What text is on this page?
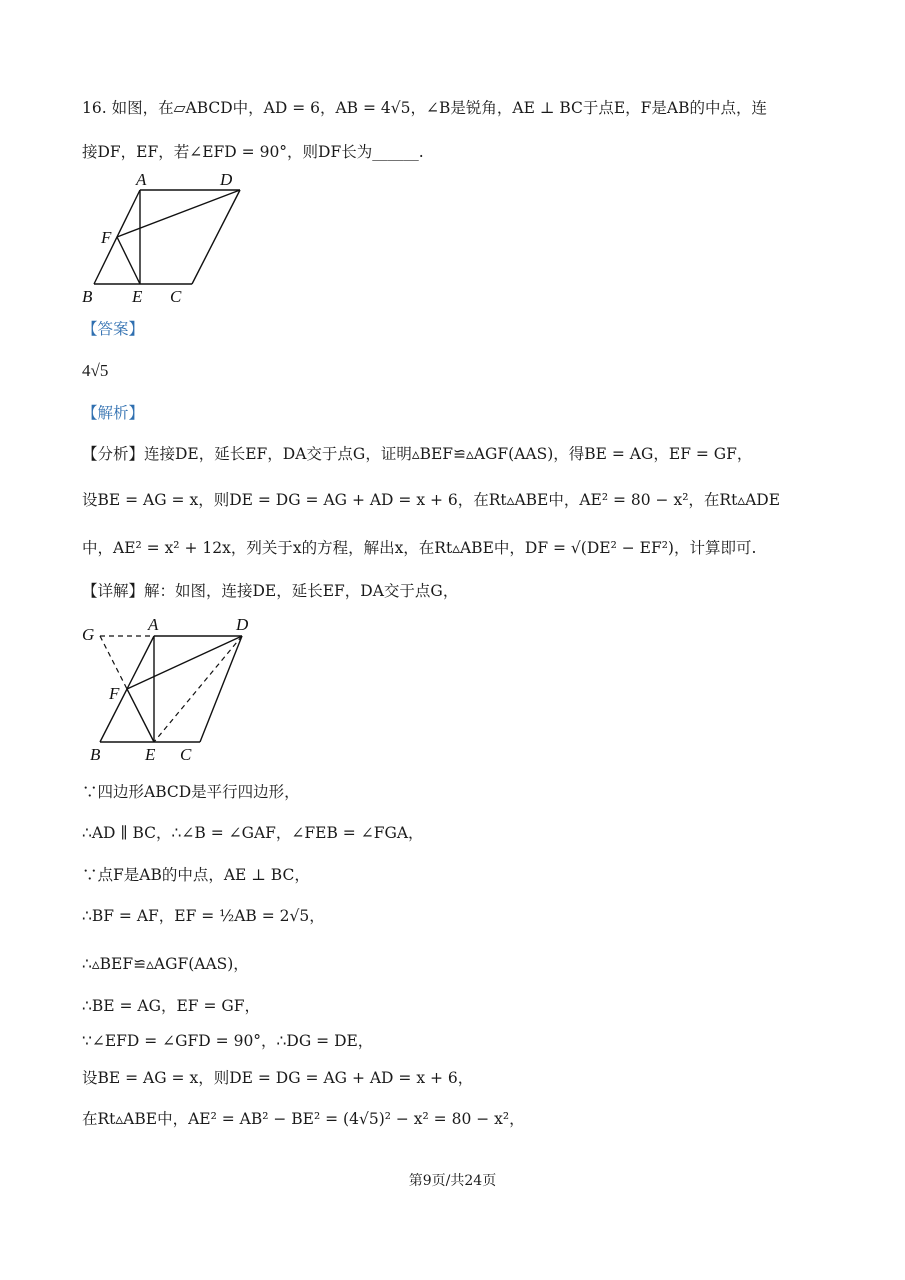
16. 如图，在▱ABCD中，AD = 6，AB = 4√5，∠B是锐角，AE ⊥ BC于点E，F是AB的中点，连
接DF，EF，若∠EFD = 90°，则DF长为______.
A	D
F
B E C
【答案】
4√5
【解析】
【分析】连接DE，延长EF，DA交于点G，证明▵BEF≌▵AGF(AAS)，得BE = AG，EF = GF，
设BE = AG = x，则DE = DG = AG + AD = x + 6，在Rt▵ABE中，AE² = 80 − x²，在Rt▵ADE
中，AE² = x² + 12x，列关于x的方程，解出x，在Rt▵ABE中，DF = √(DE² − EF²)，计算即可.
【详解】解：如图，连接DE，延长EF，DA交于点G，
G
A	D
F
B	E C
∵四边形ABCD是平行四边形，
∴AD ∥ BC，∴∠B = ∠GAF，∠FEB = ∠FGA，
∵点F是AB的中点，AE ⊥ BC，
∴BF = AF，EF = ½AB = 2√5，
∴▵BEF≌▵AGF(AAS)，
∴BE = AG，EF = GF，
∵∠EFD = ∠GFD = 90°，∴DG = DE，
设BE = AG = x，则DE = DG = AG + AD = x + 6，
在Rt▵ABE中，AE² = AB² − BE² = (4√5)² − x² = 80 − x²，
第9页/共24页
